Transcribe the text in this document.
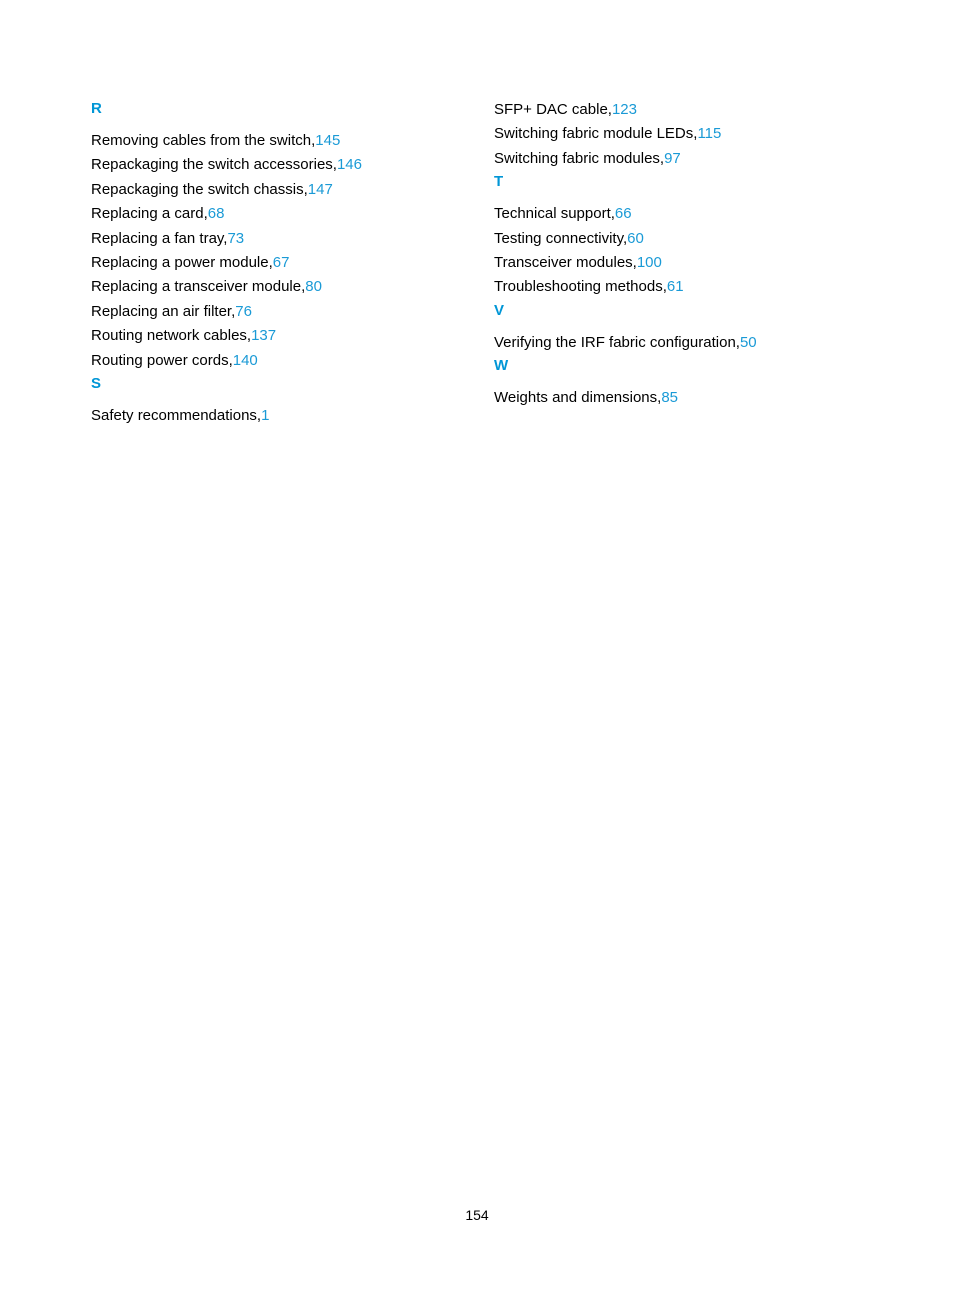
R
Removing cables from the switch,145
Repackaging the switch accessories,146
Repackaging the switch chassis,147
Replacing a card,68
Replacing a fan tray,73
Replacing a power module,67
Replacing a transceiver module,80
Replacing an air filter,76
Routing network cables,137
Routing power cords,140
S
Safety recommendations,1
SFP+ DAC cable,123
Switching fabric module LEDs,115
Switching fabric modules,97
T
Technical support,66
Testing connectivity,60
Transceiver modules,100
Troubleshooting methods,61
V
Verifying the IRF fabric configuration,50
W
Weights and dimensions,85
154
